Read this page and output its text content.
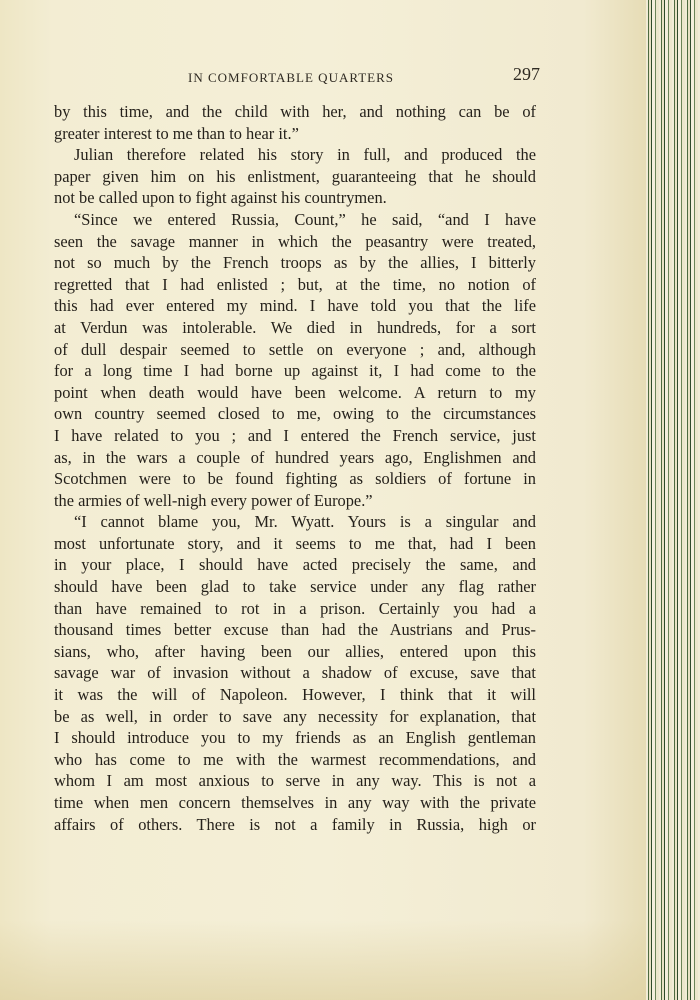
IN COMFORTABLE QUARTERS	297
by this time, and the child with her, and nothing can be of
greater interest to me than to hear it.”
Julian therefore related his story in full, and produced the
paper given him on his enlistment, guaranteeing that he should
not be called upon to fight against his countrymen.
“Since we entered Russia, Count,” he said, “and I have
seen the savage manner in which the peasantry were treated,
not so much by the French troops as by the allies, I bitterly
regretted that I had enlisted ; but, at the time, no notion of
this had ever entered my mind. I have told you that the life
at Verdun was intolerable. We died in hundreds, for a sort
of dull despair seemed to settle on everyone ; and, although
for a long time I had borne up against it, I had come to the
point when death would have been welcome. A return to my
own country seemed closed to me, owing to the circumstances
I have related to you ; and I entered the French service, just
as, in the wars a couple of hundred years ago, Englishmen and
Scotchmen were to be found fighting as soldiers of fortune in
the armies of well-nigh every power of Europe.”
“I cannot blame you, Mr. Wyatt. Yours is a singular and
most unfortunate story, and it seems to me that, had I been
in your place, I should have acted precisely the same, and
should have been glad to take service under any flag rather
than have remained to rot in a prison. Certainly you had a
thousand times better excuse than had the Austrians and Prus-
sians, who, after having been our allies, entered upon this
savage war of invasion without a shadow of excuse, save that
it was the will of Napoleon. However, I think that it will
be as well, in order to save any necessity for explanation, that
I should introduce you to my friends as an English gentleman
who has come to me with the warmest recommendations, and
whom I am most anxious to serve in any way. This is not a
time when men concern themselves in any way with the private
affairs of others. There is not a family in Russia, high or
